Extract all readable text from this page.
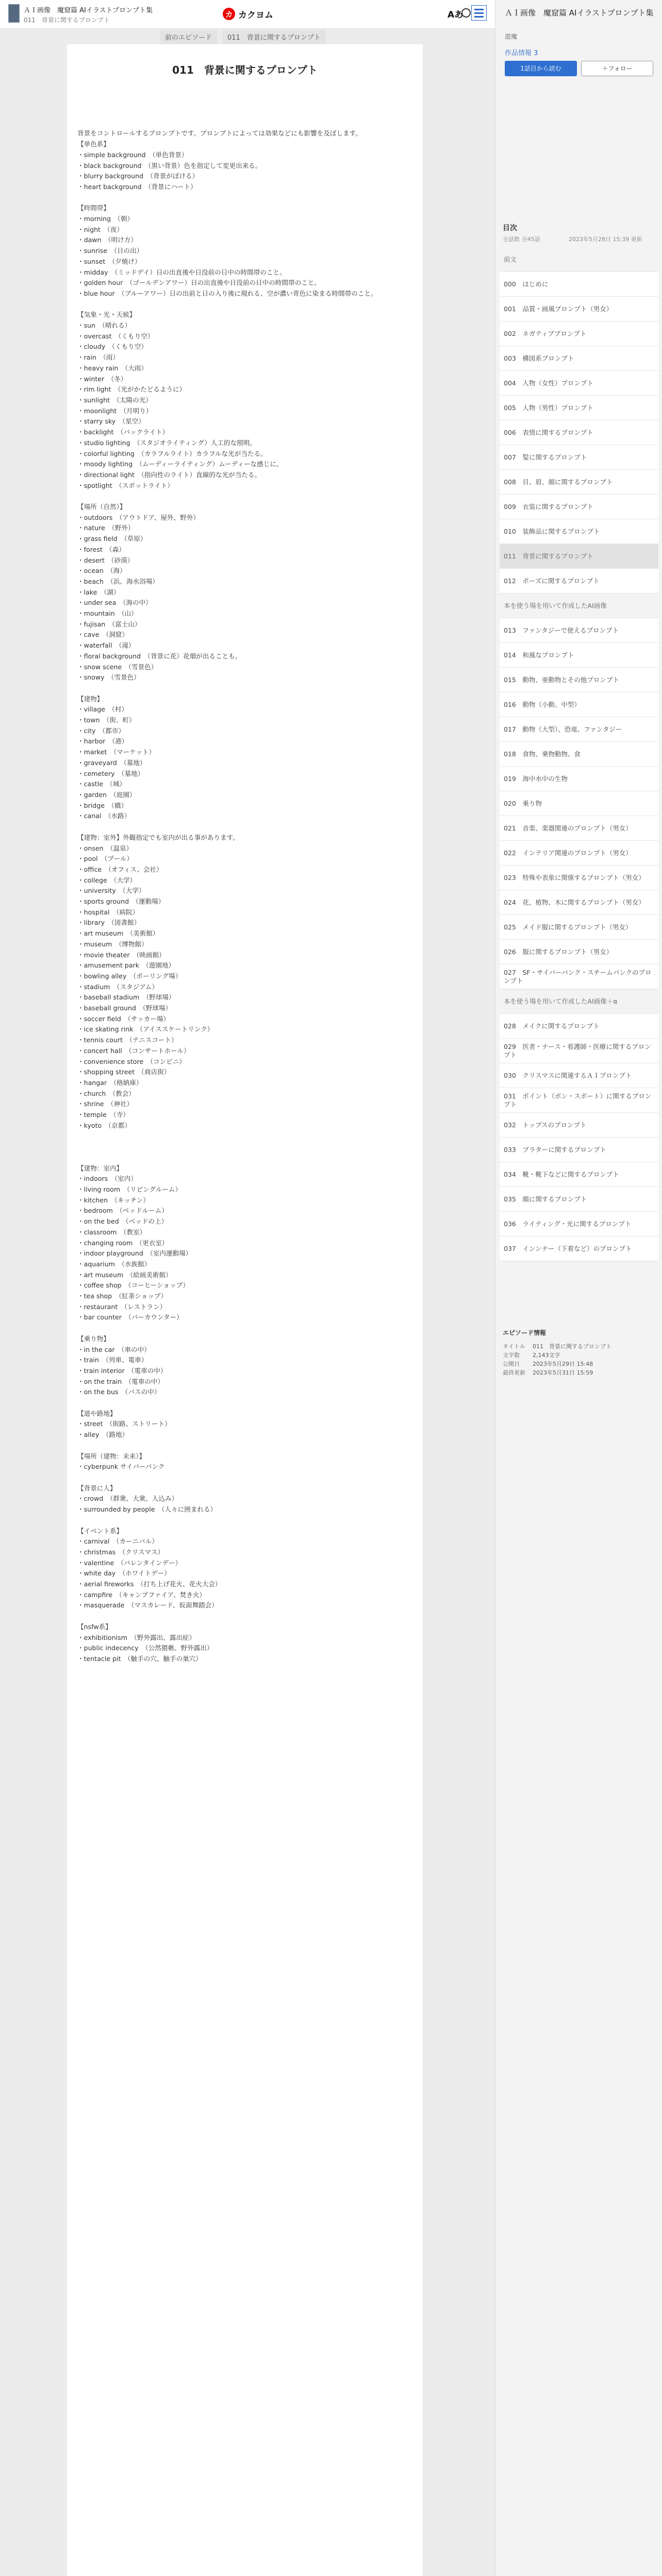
ＡＩ画像　魔窟篇 AIイラストプロンプト集
011　背景に関するプロンプト
カ カクヨム	Aあ
前のエピソード	011　背景に関するプロンプト
011　背景に関するプロンプト

背景をコントロールするプロンプトです。プロンプトによっては効果などにも影響を及ぼします。
【単色系】
・simple background　（単色背景）
・black background　（黒い背景）色を指定して変更出来る。
・blurry background　（背景がぼける）
・heart background　（背景にハート）

【時間帯】
・morning　（朝）
・night　（夜）
・dawn　（明け方）
・sunrise　（日の出）
・sunset　（夕焼け）
・midday　（ミッドデイ）日の出直後や日没前の日中の時間帯のこと。
・golden hour　（ゴールデンアワー）日の出直後や日没前の日中の時間帯のこと。
・blue hour　（ブルーアワー）日の出前と日の入り後に現れる、空が濃い青色に染まる時間帯のこと。

【気象・光・天候】
・sun　（晴れる）
・overcast　（くもり空）
・cloudy　（くもり空）
・rain　（雨）
・heavy rain　（大雨）
・winter　（冬）
・rim light　（光がかたどるように）
・sunlight　（太陽の光）
・moonlight　（月明り）
・starry sky　（星空）
・backlight　（バックライト）
・studio lighting　（スタジオライティング）人工的な照明。
・colorful lighting　（カラフルライト）カラフルな光が当たる。
・moody lighting　（ムーディーライティング）ムーディーな感じに。
・directional light　（指向性のライト）直線的な光が当たる。
・spotlight　（スポットライト）

【場所（自然）】
・outdoors　（アウトドア、屋外、野外）
・nature　（野外）
・grass field　（草原）
・forest　（森）
・desert　（砂漠）
・ocean　（海）
・beach　（浜、海水浴場）
・lake　（湖）
・under sea　（海の中）
・mountain　（山）
・fujisan　（富士山）
・cave　（洞窟）
・waterfall　（滝）
・floral background　（背景に花）花畑が出ることも。
・snow scene　（雪景色）
・snowy　（雪景色）

【建物】
・village　（村）
・town　（街、町）
・city　（都市）
・harbor　（港）
・market　（マーケット）
・graveyard　（墓地）
・cemetery　（墓地）
・castle　（城）
・garden　（庭園）
・bridge　（橋）
・canal　（水路）

【建物：室外】外観指定でも室内が出る事があります。
・onsen　（温泉）
・pool　（プール）
・office　（オフィス、会社）
・college　（大学）
・university　（大学）
・sports ground　（運動場）
・hospital　（病院）
・library　（図書館）
・art museum　（美術館）
・museum　（博物館）
・movie theater　（映画館）
・amusement park　（遊園地）
・bowling alley　（ボーリング場）
・stadium　（スタジアム）
・baseball stadium　（野球場）
・baseball ground　（野球場）
・soccer field　（サッカー場）
・ice skating rink　（アイススケートリンク）
・tennis court　（テニスコート）
・concert hall　（コンサートホール）
・convenience store　（コンビニ）
・shopping street　（商店街）
・hangar　（格納庫）
・church　（教会）
・shrine　（神社）
・temple　（寺）
・kyoto　（京都）

【建物：室内】
・indoors　（室内）
・living room　（リビングルーム）
・kitchen　（キッチン）
・bedroom　（ベッドルーム）
・on the bed　（ベッドの上）
・classroom　（教室）
・changing room　（更衣室）
・indoor playground　（室内運動場）
・aquarium　（水族館）
・art museum　（絵画美術館）
・coffee shop　（コーヒーショップ）
・tea shop　（紅茶ショップ）
・restaurant　（レストラン）
・bar counter　（バーカウンター）

【乗り物】
・in the car　（車の中）
・train　（列車、電車）
・train interior　（電車の中）
・on the train　（電車の中）
・on the bus　（バスの中）

【道や路地】
・street　（街路、ストリート）
・alley　（路地）

【場所（建物：未来）】
・cyberpunk サイバーパンク

【背景に人】
・crowd　（群衆、大衆、人込み）
・surrounded by people　（人々に囲まれる）

【イベント系】
・carnival　（カーニバル）
・christmas　（クリスマス）
・valentine　（バレンタインデー）
・white day　（ホワイトデー）
・aerial fireworks　（打ち上げ花火、花火大会）
・campfire　（キャンプファイア、焚き火）
・masquerade　（マスカレード、仮面舞踏会）

【nsfw系】
・exhibitionism　（野外露出、露出症）
・public indecency　（公然猥褻、野外露出）
・tentacle pit　（触手の穴、触手の巣穴）
ＡＩ画像　魔窟篇 AIイラストプロンプト集
遊魔
作品情報 3
1話目から読む	＋フォロー
目次
全話数 全45話	2023年5月28日 15:39 更新
前文
000　はじめに
001　品質・画風プロンプト（男女）
002　ネガティブプロンプト
003　構図系プロンプト
004　人物（女性）プロンプト
005　人物（男性）プロンプト
006　表情に関するプロンプト
007　髪に関するプロンプト
008　目、眉、顔に関するプロンプト
009　衣装に関するプロンプト
010　装飾品に関するプロンプト
011　背景に関するプロンプト
012　ポーズに関するプロンプト
本を使う場を用いて作成したAI画像
013　ファンタジーで使えるプロンプト
014　和風なプロンプト
015　動物、亜動物とその他プロンプト
016　動物（小動、中型）
017　動物（大型）、恐竜、ファンタジー
018　食物、乗物動物、食
019　海中水中の生物
020　乗り物
021　音楽、楽器関連のプロンプト（男女）
022　インテリア関連のプロンプト（男女）
023　特殊や表象に関係するプロンプト（男女）
024　花、植物、木に関するプロンプト（男女）
025　メイド服に関するプロンプト（男女）
026　服に関するプロンプト（男女）
027　SF・サイバーパンク・スチームパンクのプロンプト
本を使う場を用いて作成したAI画像＋α
028　メイクに関するプロンプト
029　医者・ナース・看護師・医療に関するプロンプト
030　クリスマスに関連するＡＩプロンプト
031　ボイント（ボン・スポート）に関するプロンプト
032　トップスのプロンプト
033　ブラターに関するプロンプト
034　靴・靴下などに関するプロンプト
035　顔に関するプロンプト
036　ライティング・光に関するプロンプト
037　インンナー（下着など）のプロンプト
エピソード情報
タイトル	011　背景に関するプロンプト
文字数	2,143文字
公開日	2023年5月29日 15:48
最終更新	2023年5月31日 15:59
